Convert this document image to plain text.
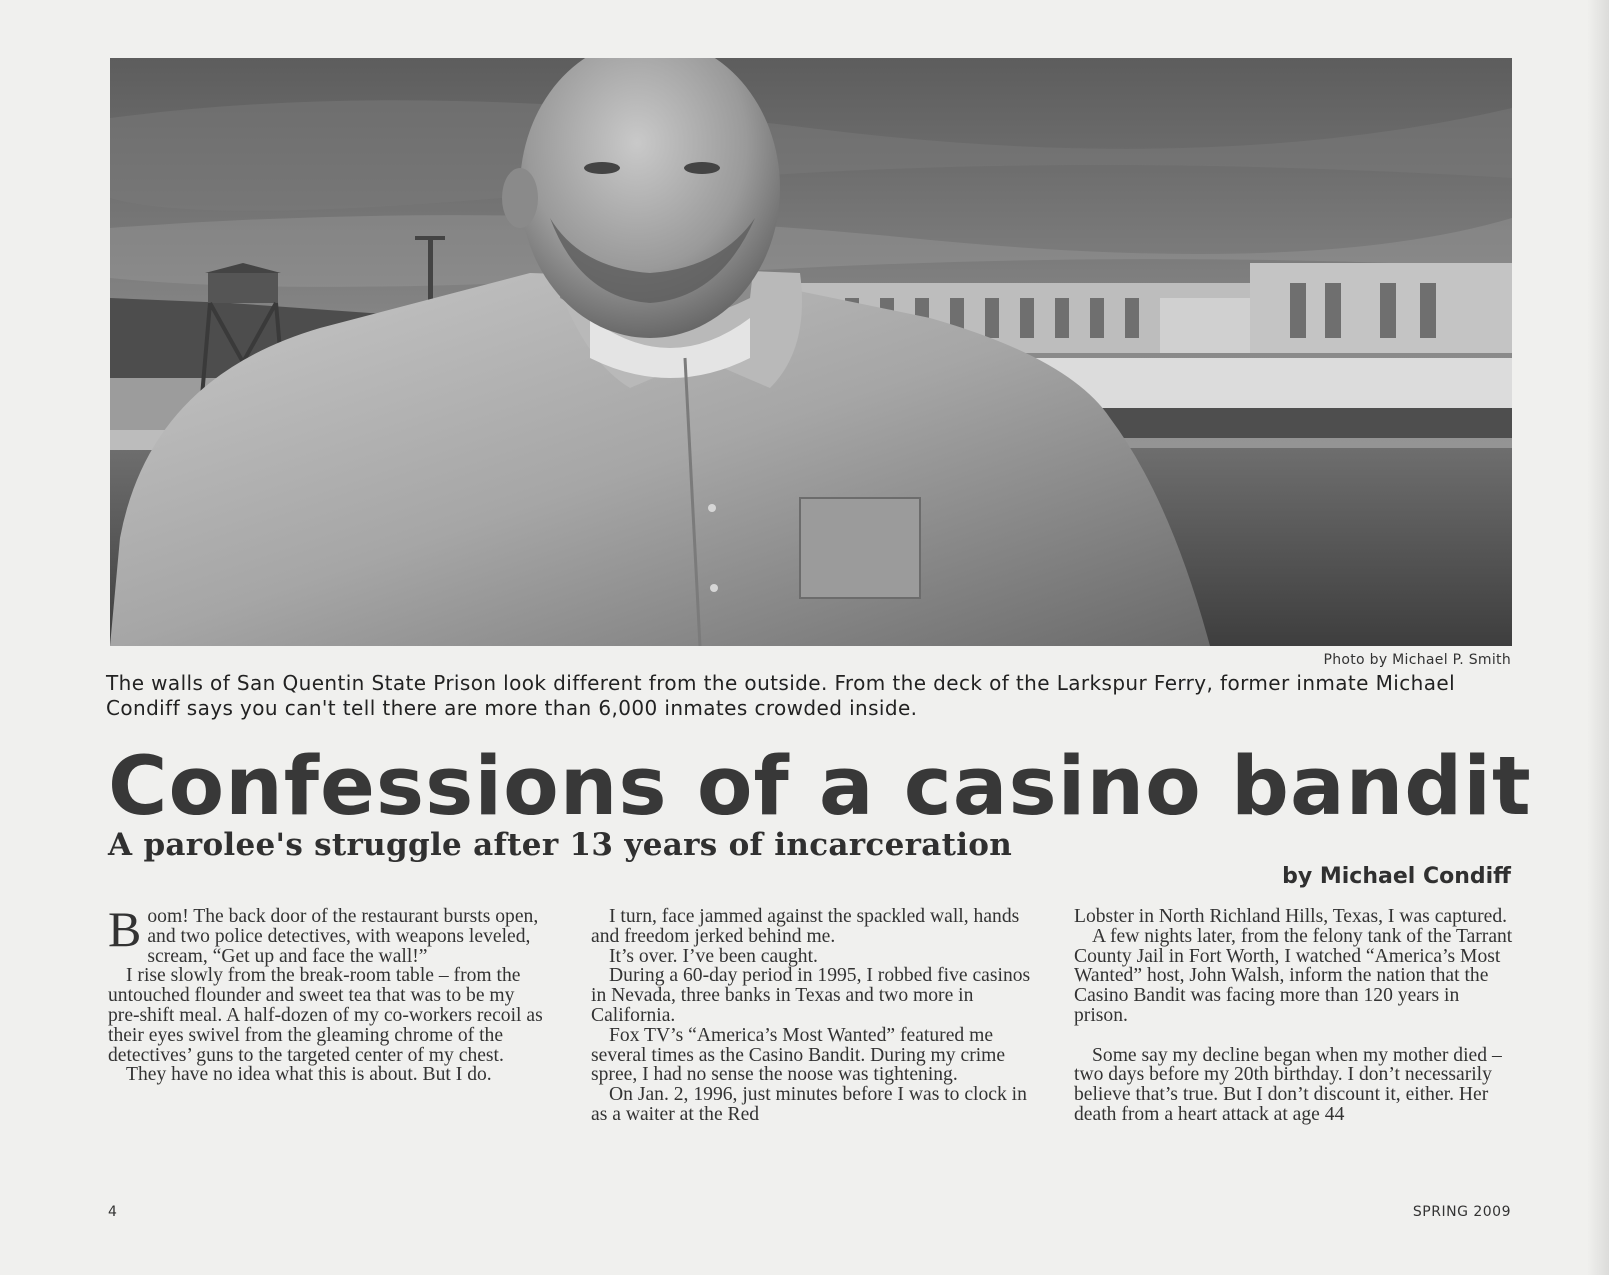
Photo by Michael P. Smith
The walls of San Quentin State Prison look different from the outside. From the deck of the Larkspur Ferry, former inmate Michael Condiff says you can't tell there are more than 6,000 inmates crowded inside.
Confessions of a casino bandit
A parolee's struggle after 13 years of incarceration
by Michael Condiff

B oom! The back door of the restaurant bursts open, and two police detectives, with weapons leveled, scream, “Get up and face the wall!”

I rise slowly from the break-room table – from the untouched flounder and sweet tea that was to be my pre-shift meal. A half-dozen of my co-workers recoil as their eyes swivel from the gleaming chrome of the detectives’ guns to the targeted center of my chest.

They have no idea what this is about. But I do.

I turn, face jammed against the spackled wall, hands and freedom jerked behind me.

It’s over. I’ve been caught.

During a 60-day period in 1995, I robbed five casinos in Nevada, three banks in Texas and two more in California.

Fox TV’s “America’s Most Wanted” featured me several times as the Casino Bandit. During my crime spree, I had no sense the noose was tightening.

On Jan. 2, 1996, just minutes before I was to clock in as a waiter at the Red

Lobster in North Richland Hills, Texas, I was captured.

A few nights later, from the felony tank of the Tarrant County Jail in Fort Worth, I watched “America’s Most Wanted” host, John Walsh, inform the nation that the Casino Bandit was facing more than 120 years in prison.

Some say my decline began when my mother died – two days before my 20th birthday. I don’t necessarily believe that’s true. But I don’t discount it, either. Her death from a heart attack at age 44

4	SPRING 2009
